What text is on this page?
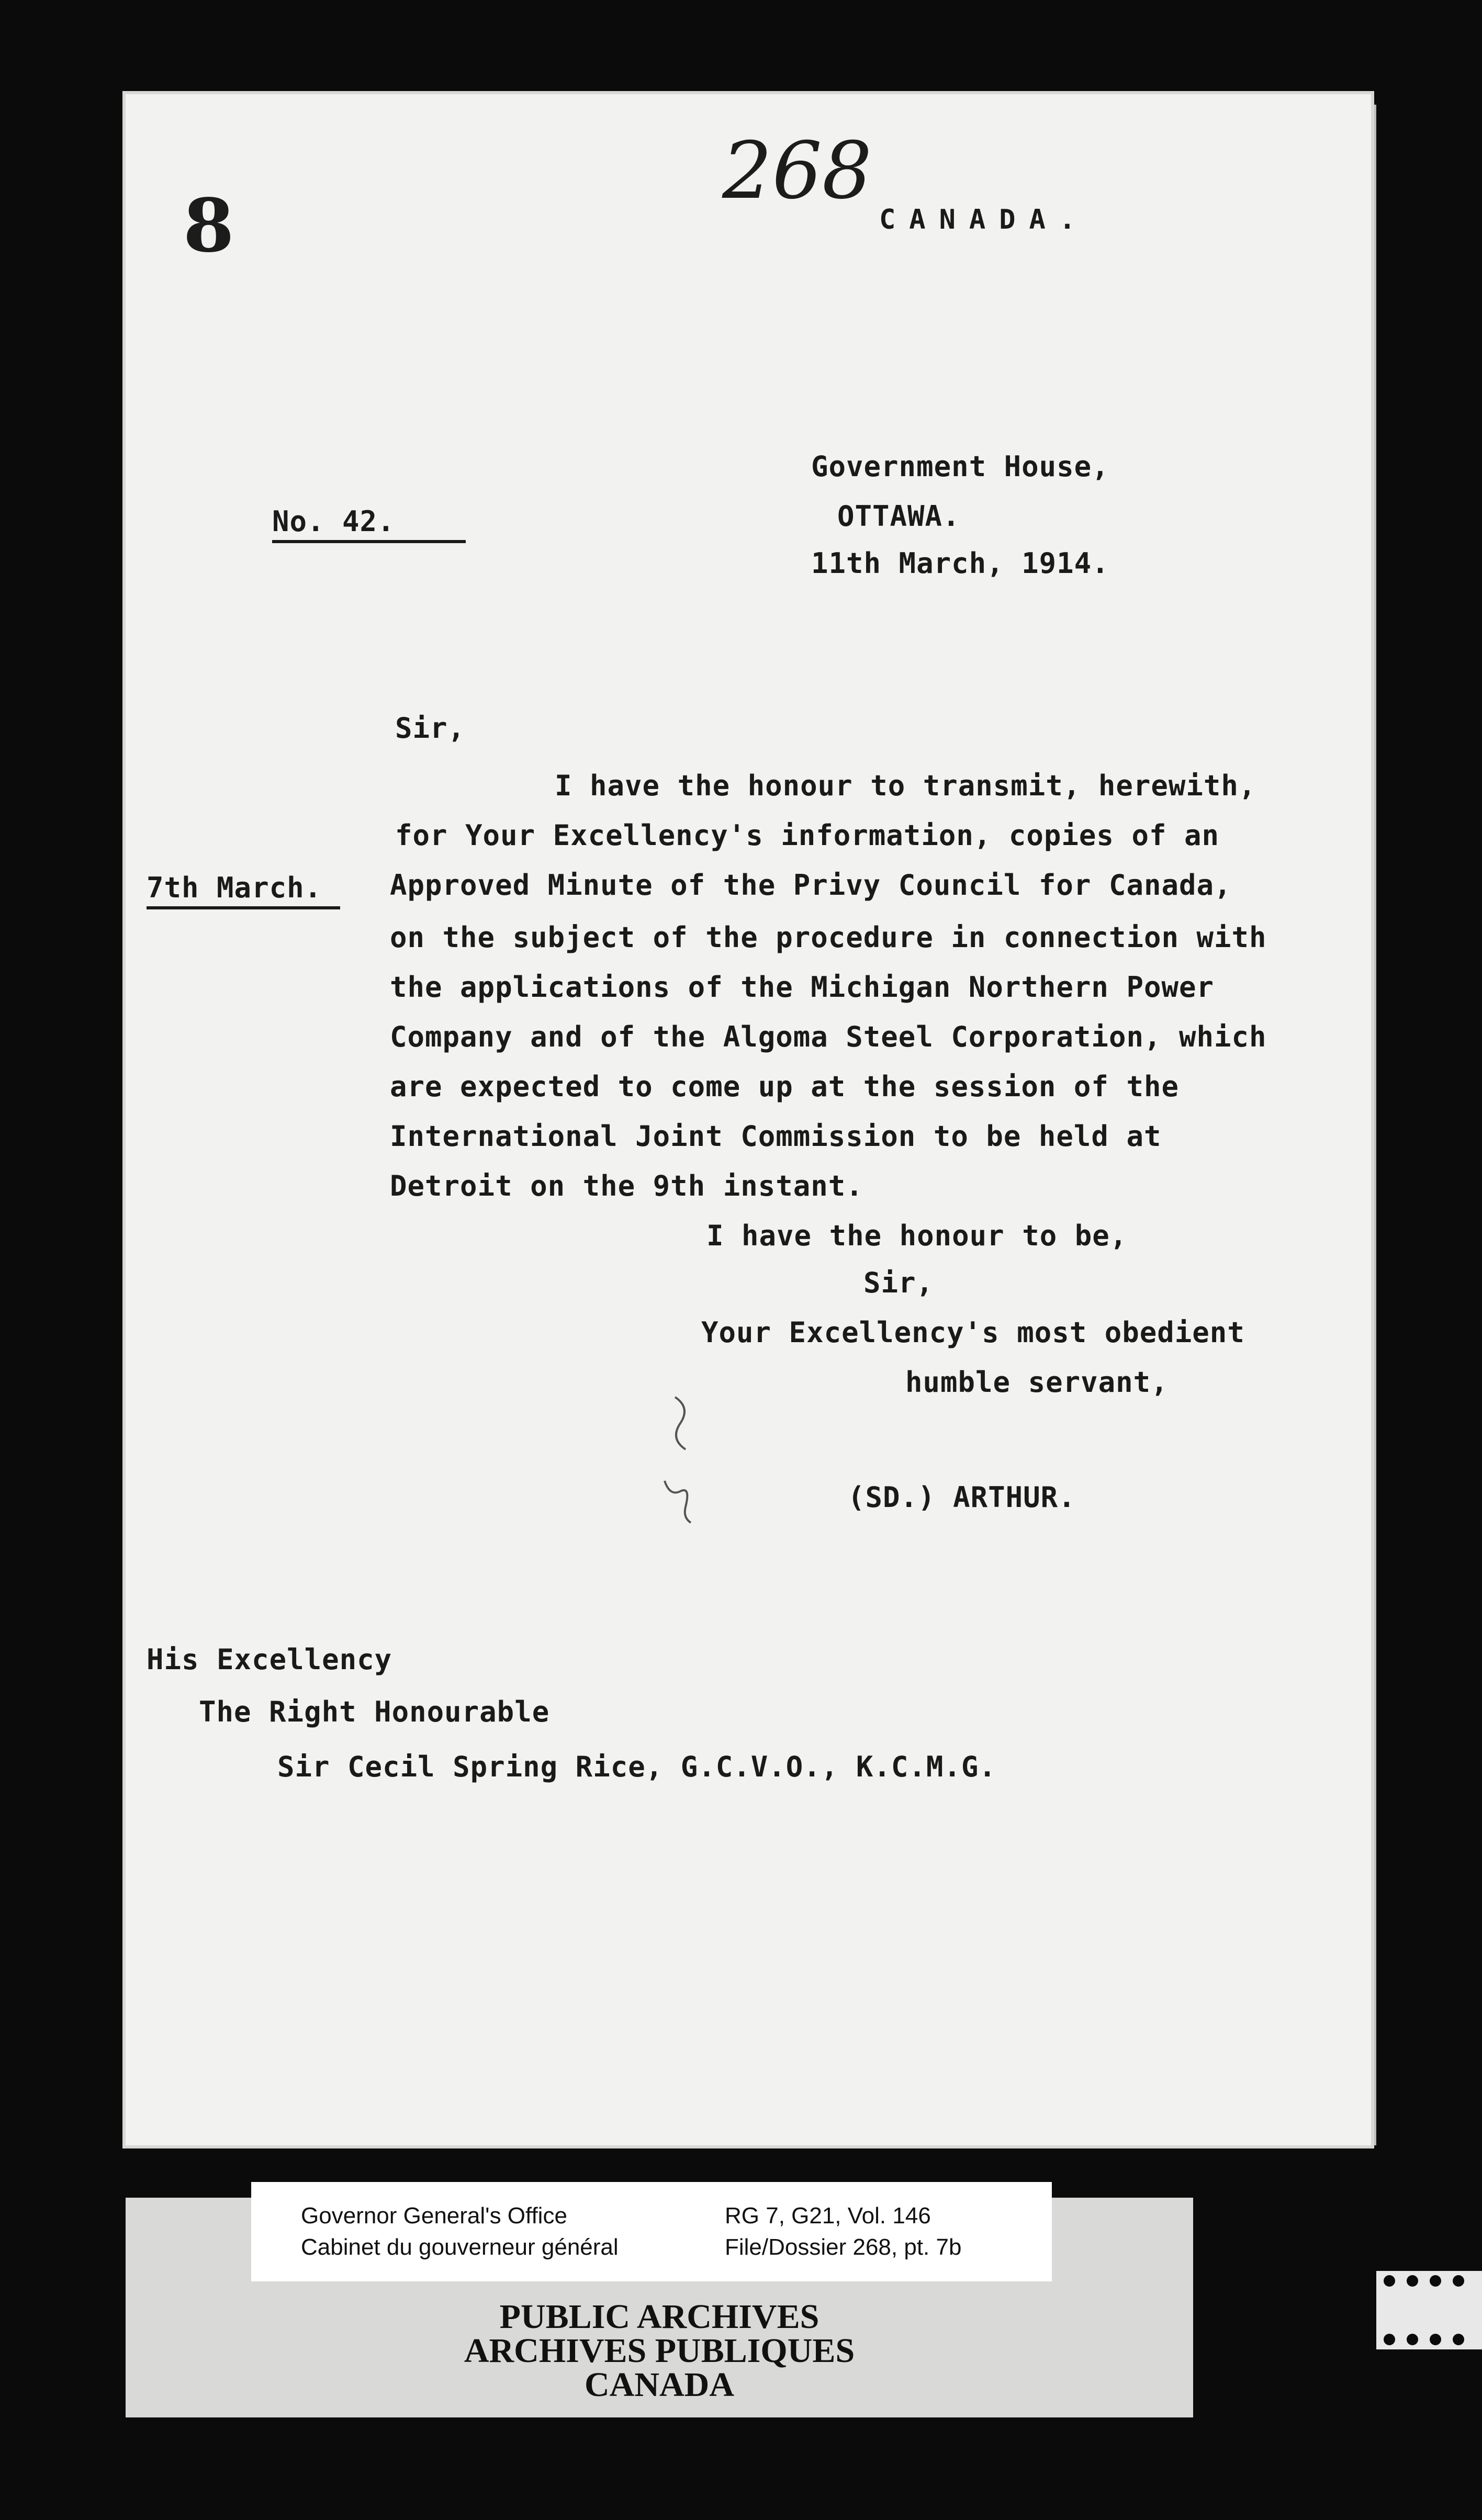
268
8	CANADA.
No. 42.
Government House,
OTTAWA.
11th March, 1914.
Sir,
7th March.
I have the honour to transmit, herewith,
for Your Excellency's information, copies of an
Approved Minute of the Privy Council for Canada,
on the subject of the procedure in connection with
the applications of the Michigan Northern Power
Company and of the Algoma Steel Corporation, which
are expected to come up at the session of the
International Joint Commission to be held at
Detroit on the 9th instant.
I have the honour to be,
Sir,
Your Excellency's most obedient
humble servant,
(SD.) ARTHUR.
His Excellency
The Right Honourable
Sir Cecil Spring Rice, G.C.V.O., K.C.M.G.
PUBLIC ARCHIVES
ARCHIVES PUBLIQUES
CANADA
Governor General's Office
Cabinet du gouverneur général
RG 7, G21, Vol. 146
File/Dossier 268, pt. 7b
